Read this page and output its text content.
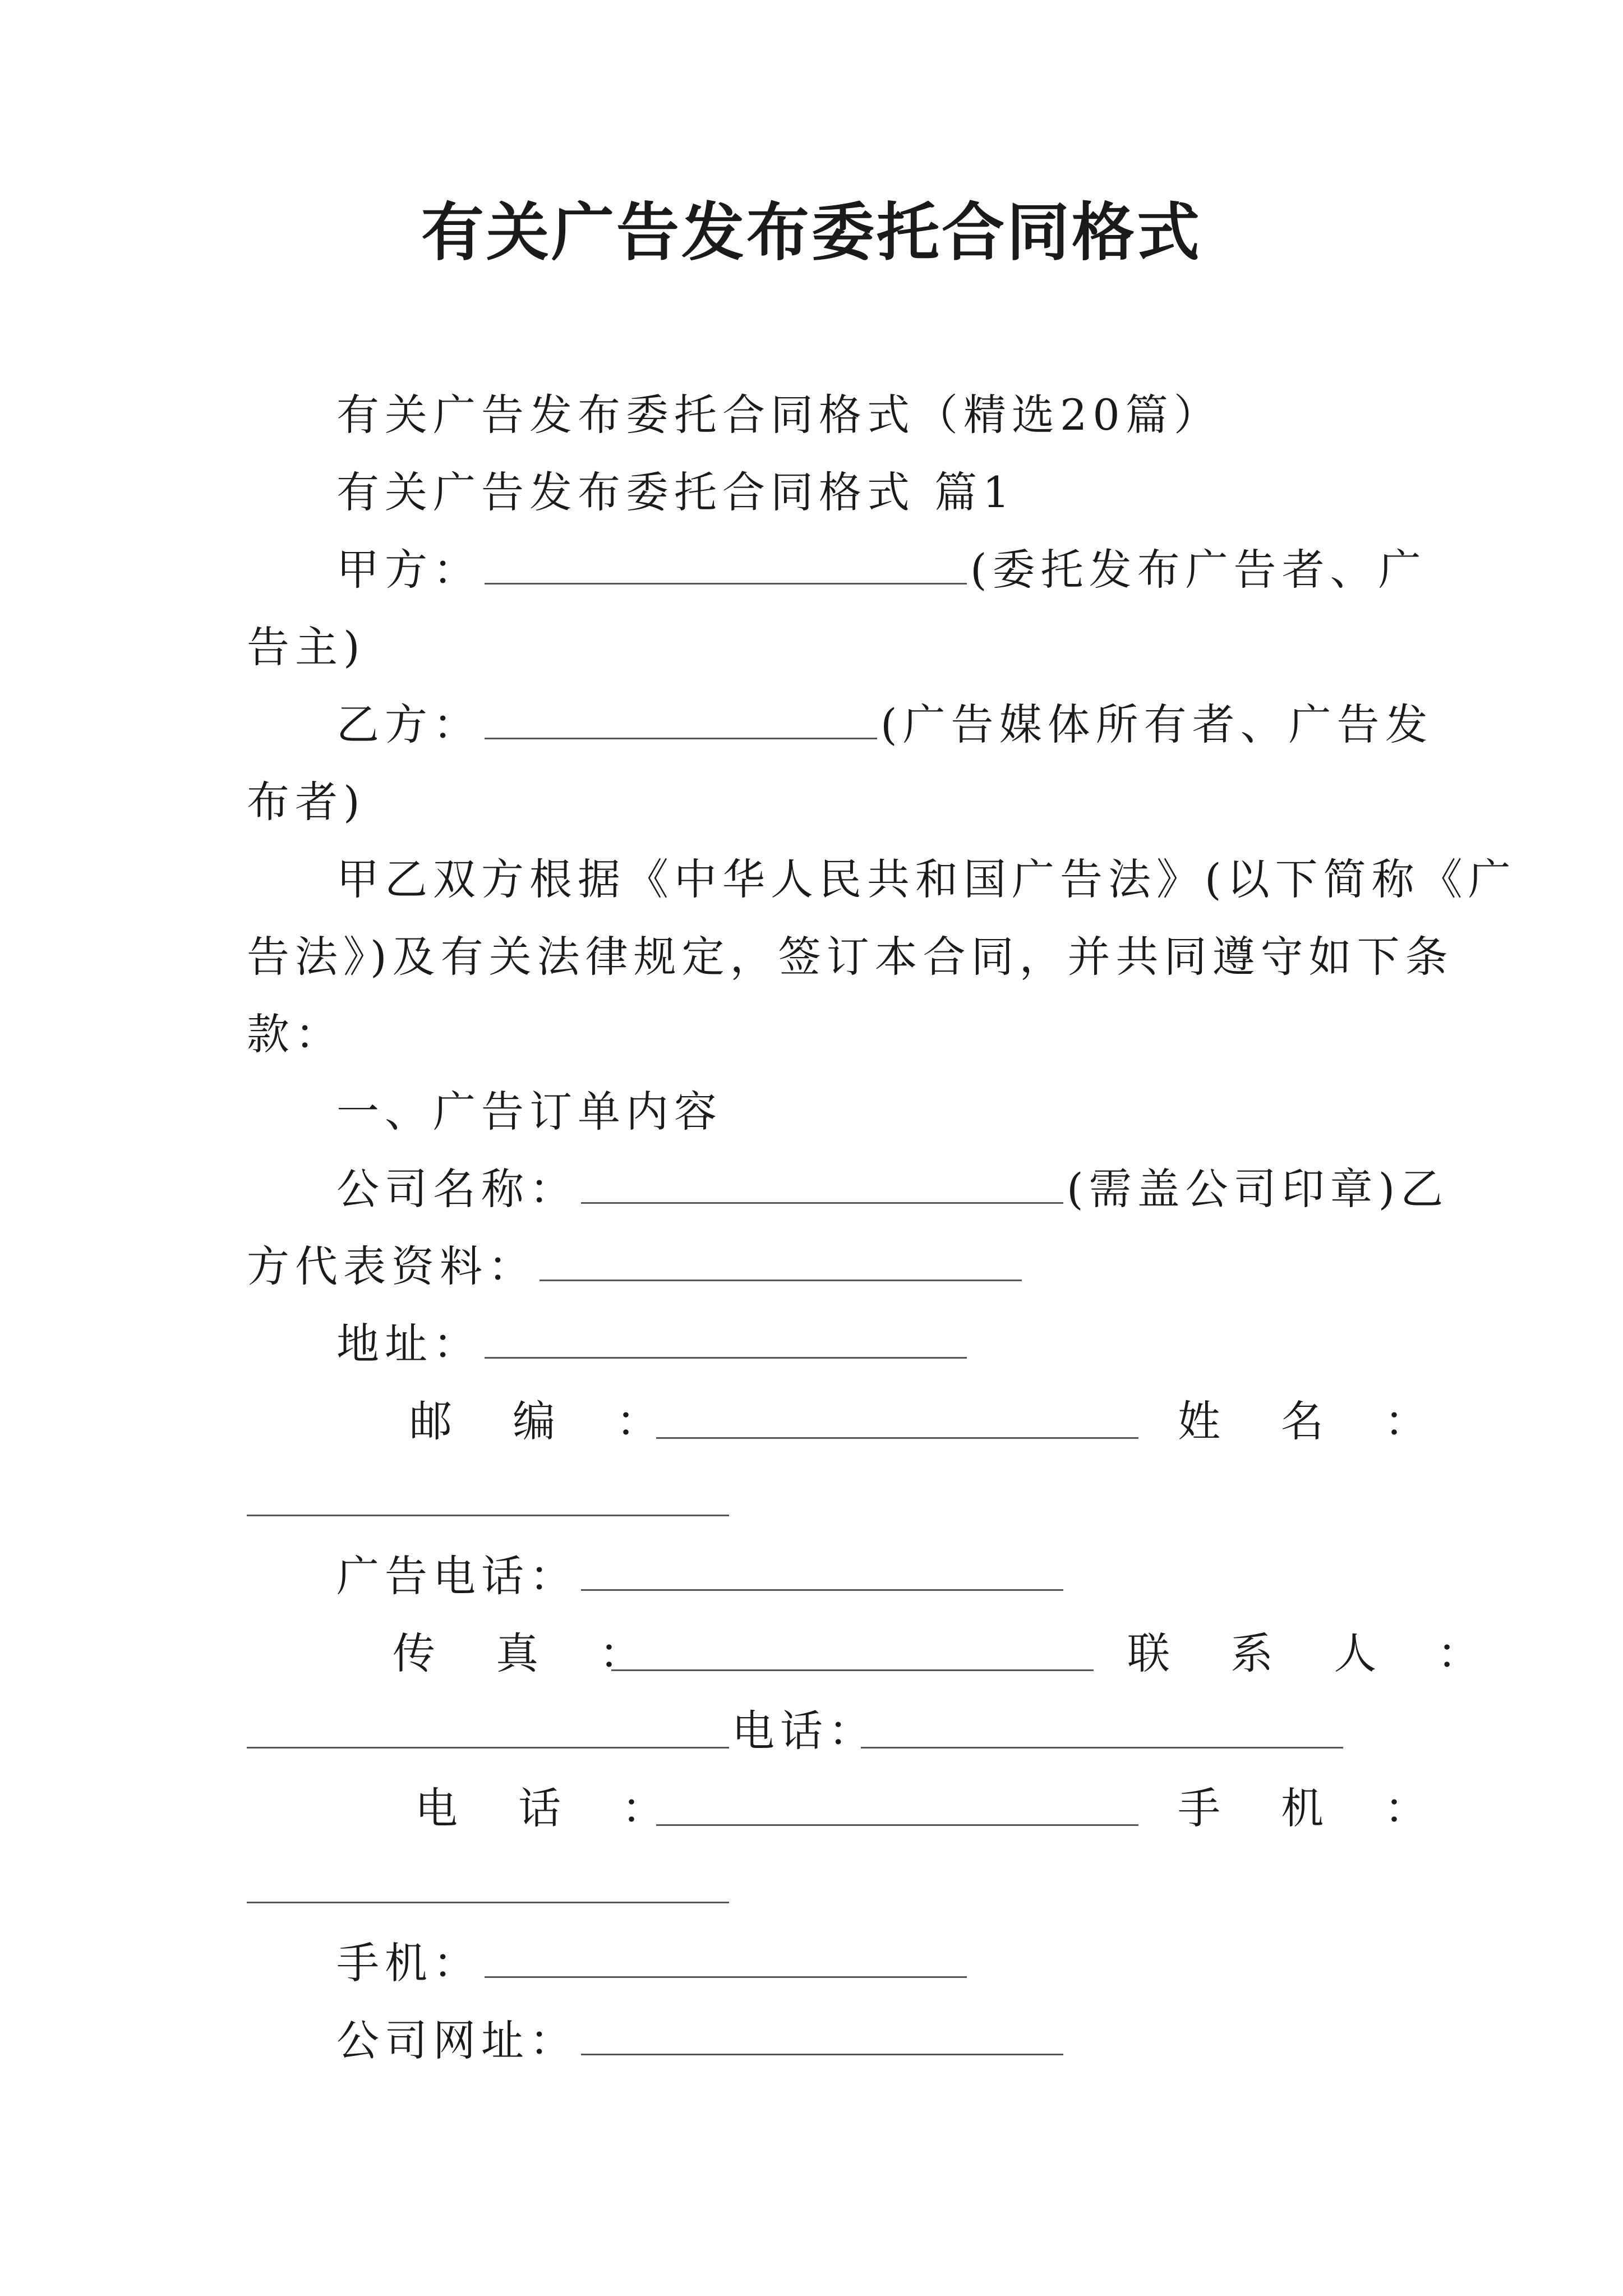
有关广告发布委托合同格式
有关广告发布委托合同格式（精选20篇）
有关广告发布委托合同格式 篇1
甲方：	(委托发布广告者、广
告主)
乙方：	(广告媒体所有者、广告发
布者)
甲乙双方根据《中华人民共和国广告法》(以下简称《广
告法》)及有关法律规定，签订本合同，并共同遵守如下条
款：
一、广告订单内容
公司名称：	(需盖公司印章)乙
方代表资料：
地址：
邮 编 ：	姓 名 ：
广告电话：
传 真 ：	联 系 人 ：
电话：
电 话 ：	手 机 ：
手机：
公司网址：
